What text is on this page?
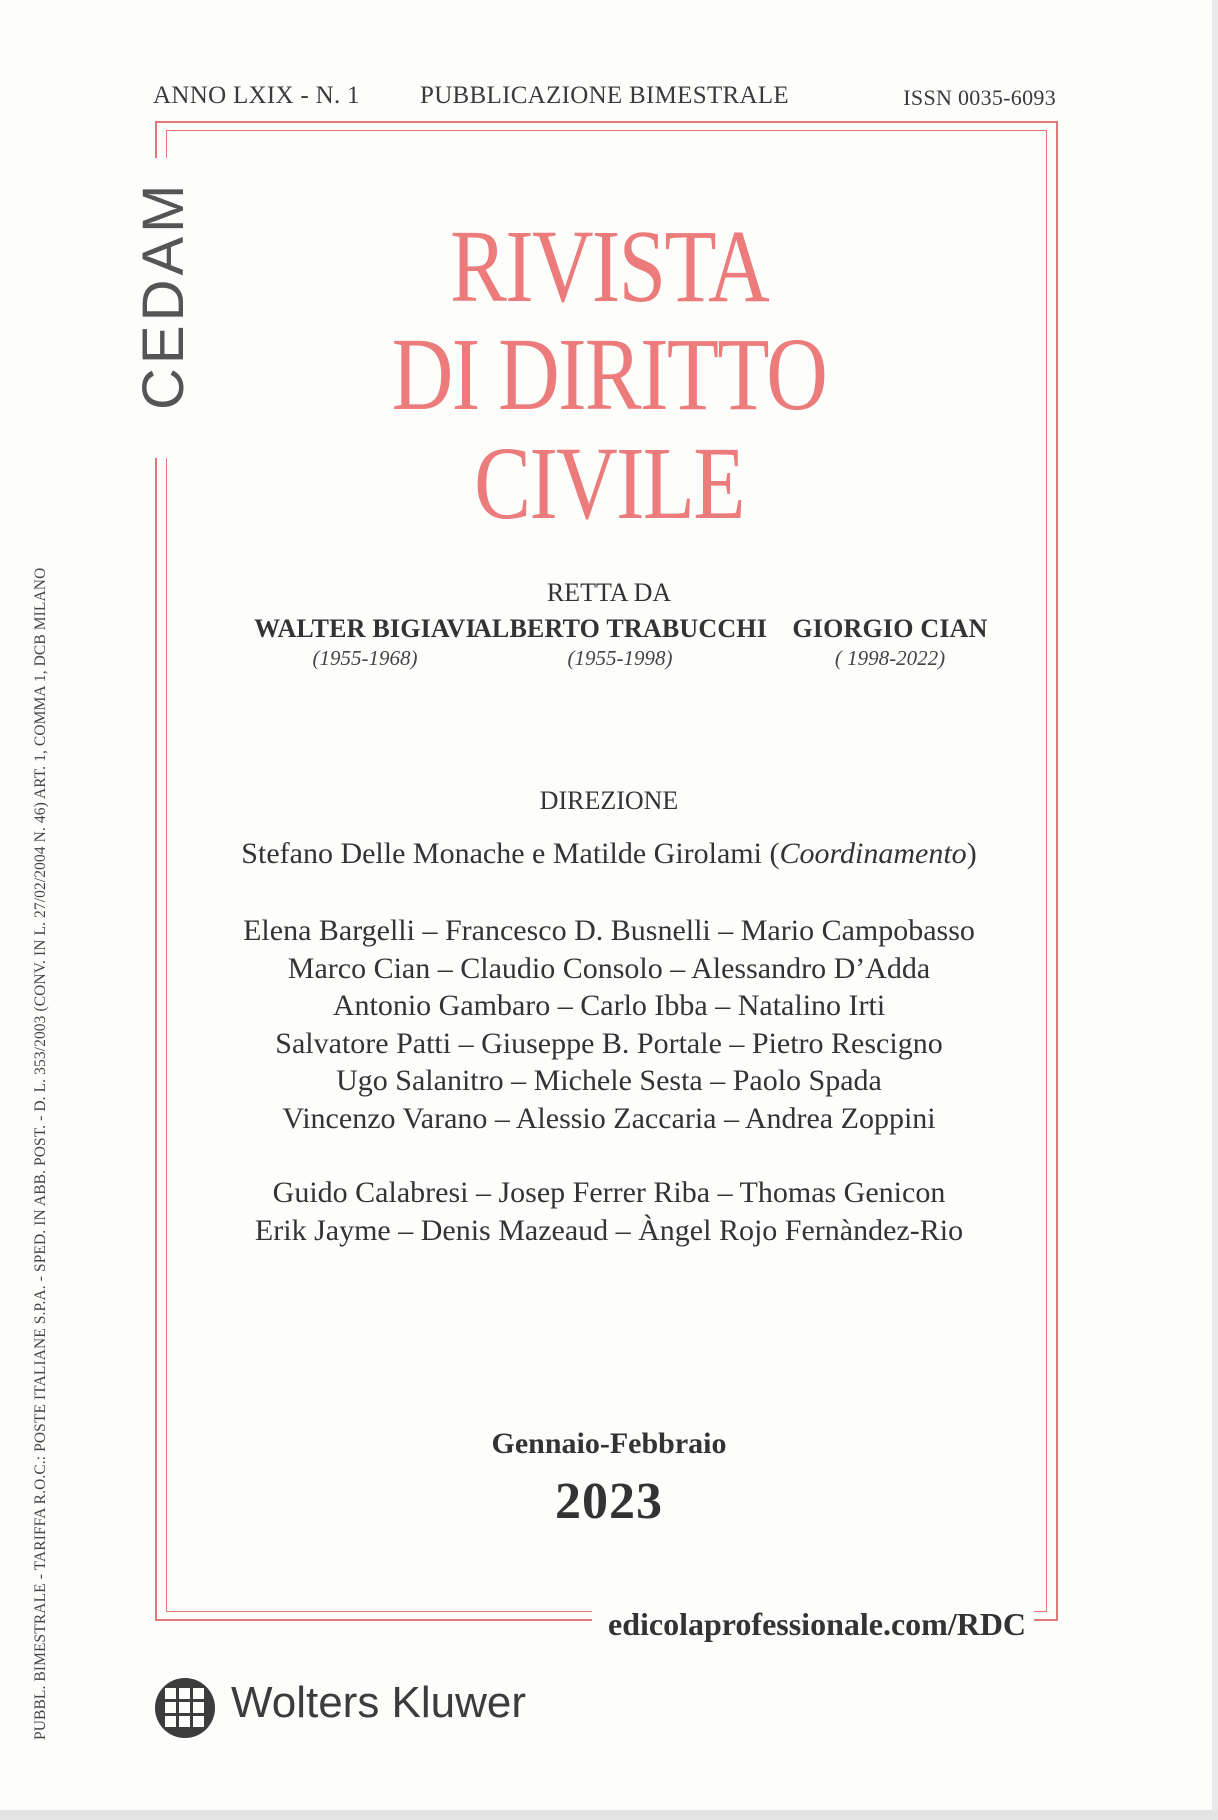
ANNO LXIX - N. 1 PUBBLICAZIONE BIMESTRALE	ISSN 0035-6093
CEDAM	RIVISTA
DI DIRITTO
CIVILE
RETTA DA
WALTER BIGIAVI
(1955-1968)
ALBERTO TRABUCCHI
(1955-1998)
GIORGIO CIAN
( 1998-2022)
DIREZIONE
Stefano Delle Monache e Matilde Girolami (Coordinamento)
Elena Bargelli – Francesco D. Busnelli – Mario Campobasso
Marco Cian – Claudio Consolo – Alessandro D’Adda
Antonio Gambaro – Carlo Ibba – Natalino Irti
Salvatore Patti – Giuseppe B. Portale – Pietro Rescigno
Ugo Salanitro – Michele Sesta – Paolo Spada
Vincenzo Varano – Alessio Zaccaria – Andrea Zoppini
Guido Calabresi – Josep Ferrer Riba – Thomas Genicon
Erik Jayme – Denis Mazeaud – Àngel Rojo Fernàndez-Rio
Gennaio-Febbraio
2023
edicolaprofessionale.com/RDC
Wolters Kluwer
PUBBL. BIMESTRALE - TARIFFA R.O.C.: POSTE ITALIANE S.P.A. - SPED. IN ABB. POST. - D. L. 353/2003 (CONV. IN L. 27/02/2004 N. 46) ART. 1, COMMA 1, DCB MILANO
